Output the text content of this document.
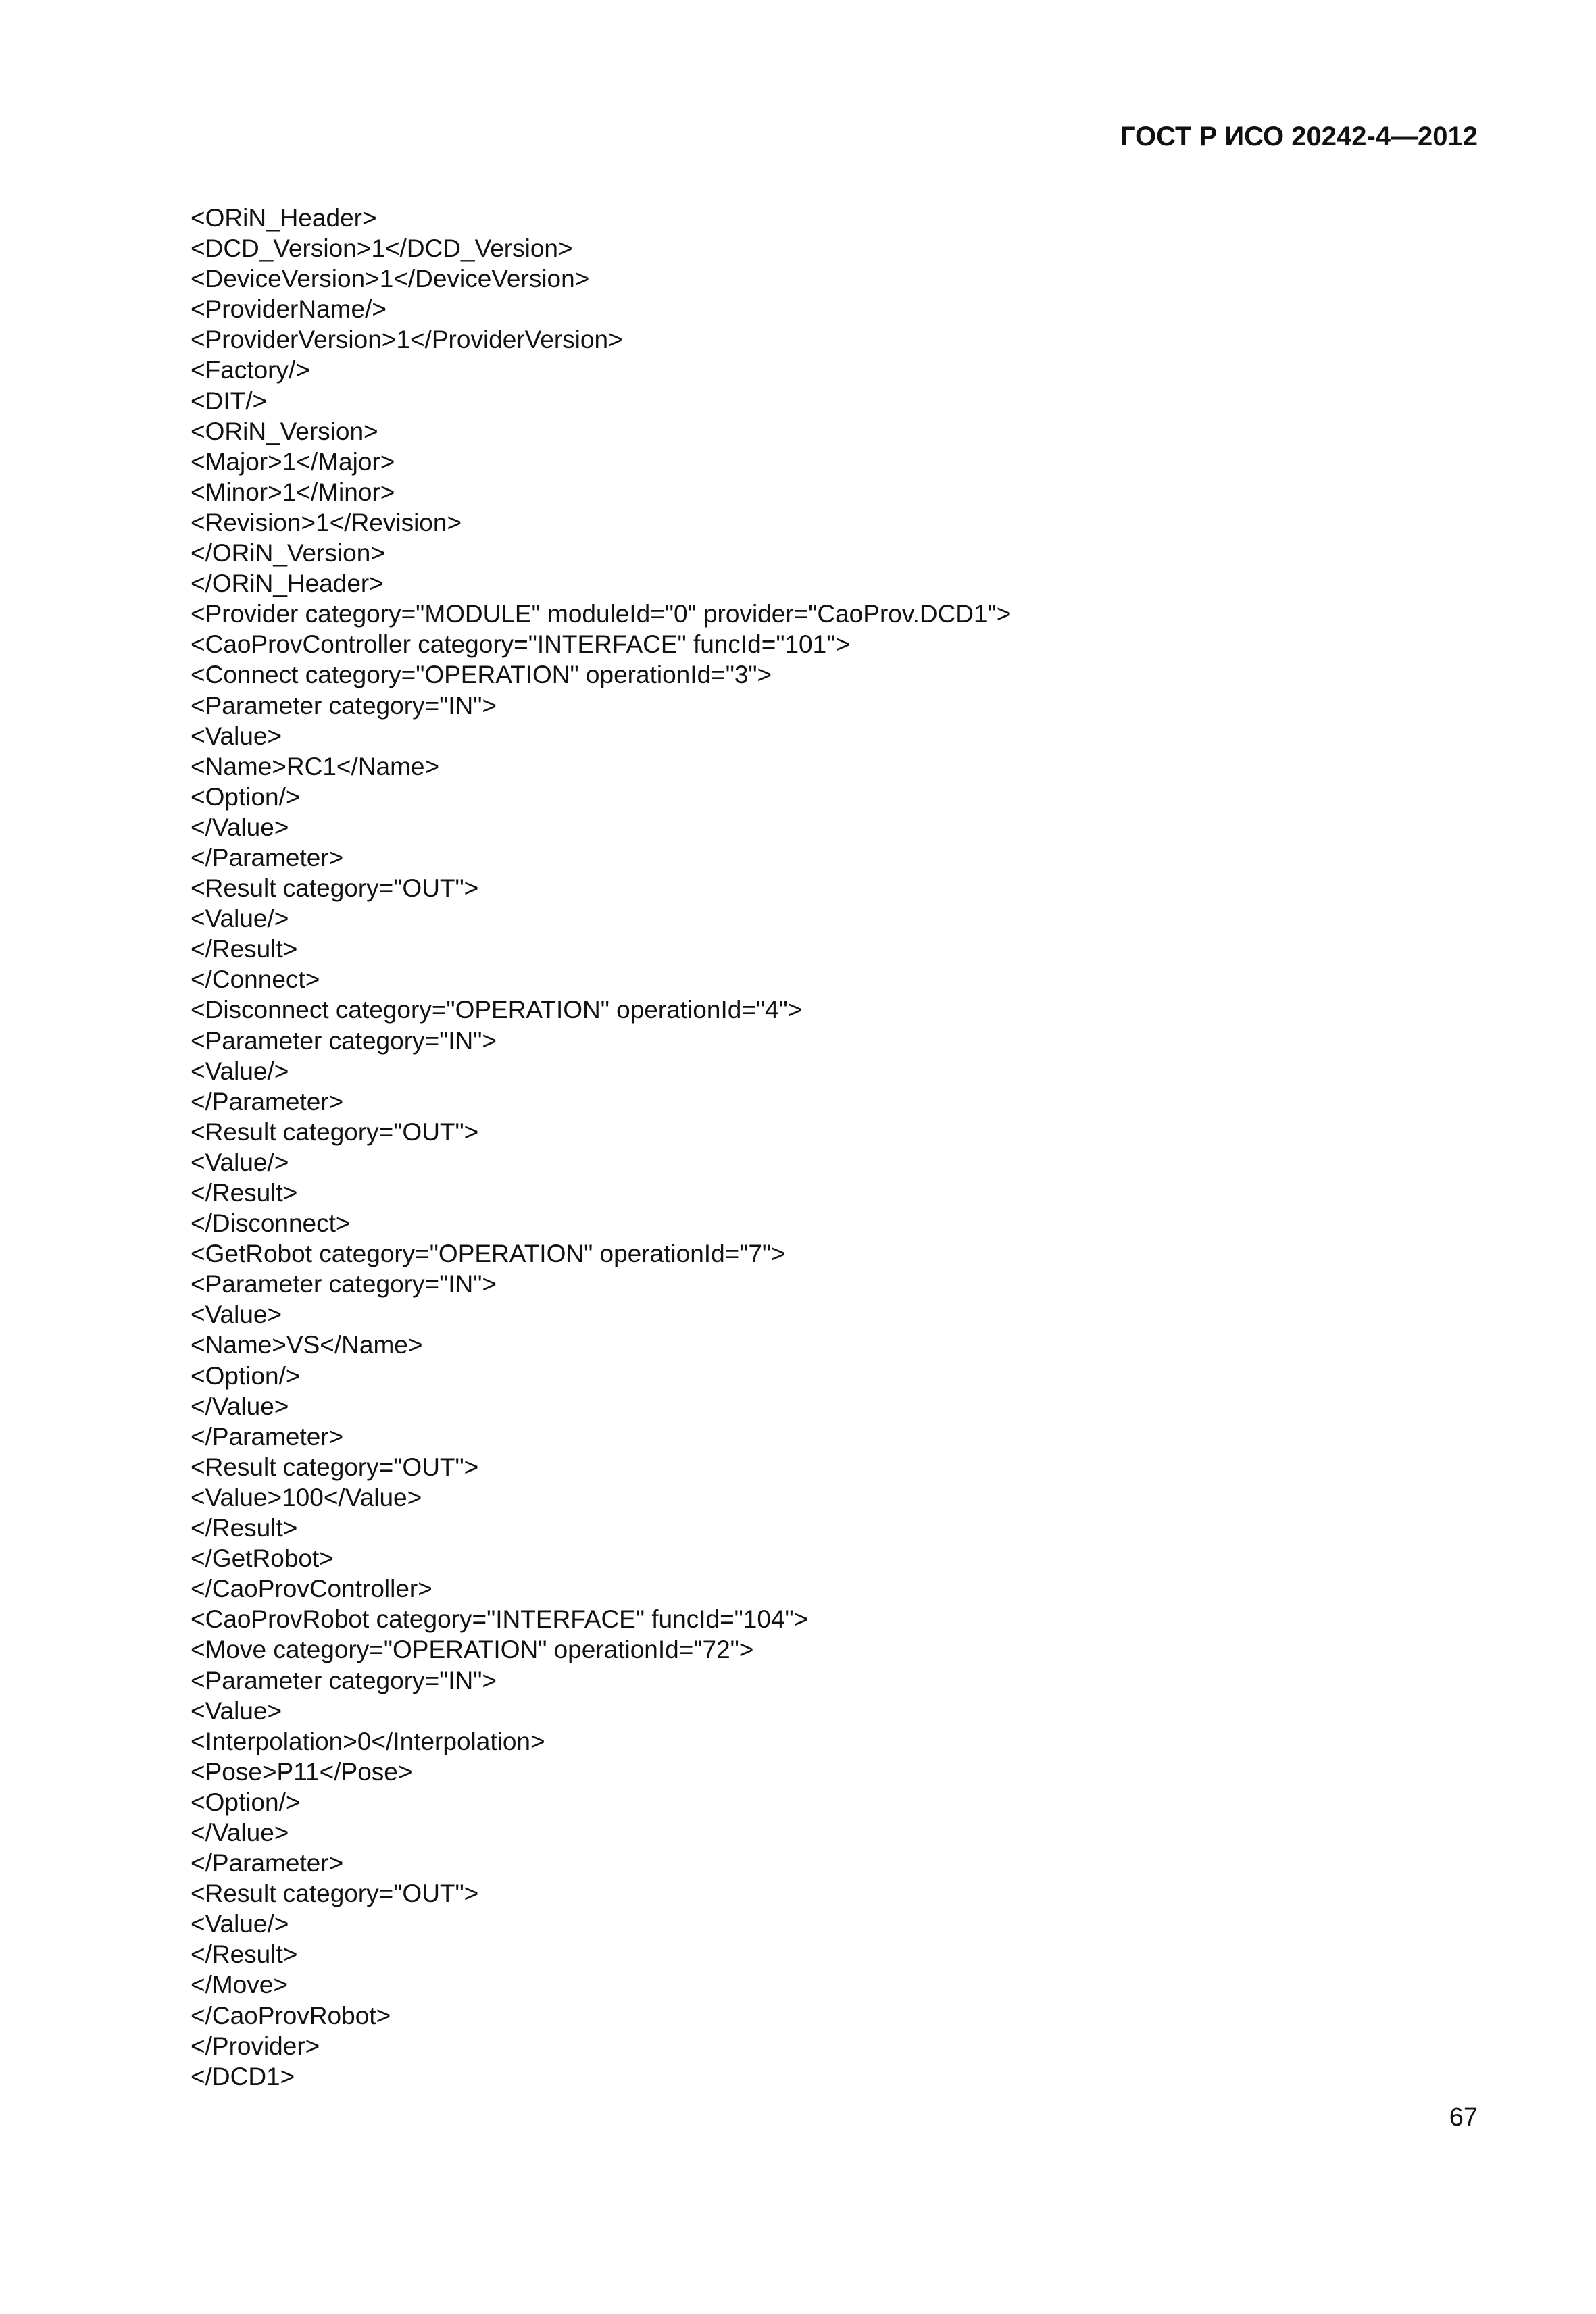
ГОСТ Р ИСО 20242-4—2012
<ORiN_Header>
<DCD_Version>1</DCD_Version>
<DeviceVersion>1</DeviceVersion>
<ProviderName/>
<ProviderVersion>1</ProviderVersion>
<Factory/>
<DIT/>
<ORiN_Version>
<Major>1</Major>
<Minor>1</Minor>
<Revision>1</Revision>
</ORiN_Version>
</ORiN_Header>
<Provider category="MODULE" moduleId="0" provider="CaoProv.DCD1">
<CaoProvController category="INTERFACE" funcId="101">
<Connect category="OPERATION" operationId="3">
<Parameter category="IN">
<Value>
<Name>RC1</Name>
<Option/>
</Value>
</Parameter>
<Result category="OUT">
<Value/>
</Result>
</Connect>
<Disconnect category="OPERATION" operationId="4">
<Parameter category="IN">
<Value/>
</Parameter>
<Result category="OUT">
<Value/>
</Result>
</Disconnect>
<GetRobot category="OPERATION" operationId="7">
<Parameter category="IN">
<Value>
<Name>VS</Name>
<Option/>
</Value>
</Parameter>
<Result category="OUT">
<Value>100</Value>
</Result>
</GetRobot>
</CaoProvController>
<CaoProvRobot category="INTERFACE" funcId="104">
<Move category="OPERATION" operationId="72">
<Parameter category="IN">
<Value>
<Interpolation>0</Interpolation>
<Pose>P11</Pose>
<Option/>
</Value>
</Parameter>
<Result category="OUT">
<Value/>
</Result>
</Move>
</CaoProvRobot>
</Provider>
</DCD1>
67
